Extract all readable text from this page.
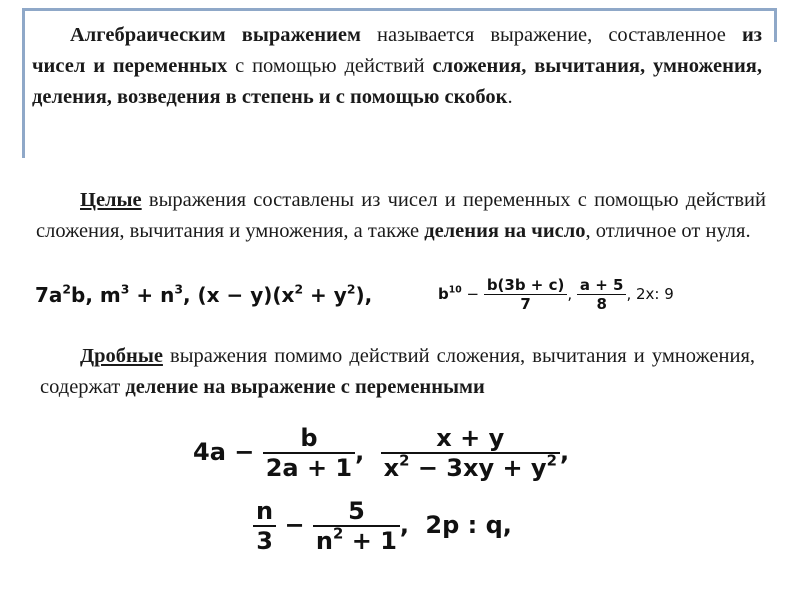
Алгебраическим выражением называется выражение, составленное из чисел и переменных с помощью действий сложения, вычитания, умножения, деления, возведения в степень и с помощью скобок.

Целые выражения составлены из чисел и переменных с помощью действий сложения, вычитания и умножения, а также деления на число, отличное от нуля.

$7a^2b$, $m^3 + n^3$, $(x - y)(x^2 + y^2)$,	$b^{10} - \frac{b(3b + c)}{7}$ , $\frac{a + 5}{8}$ , 2x: 9

Дробные выражения помимо действий сложения, вычитания и умножения, содержат деление на выражение с переменными

$4a - \frac{b}{2a + 1}$ , $\frac{x + y}{x^2 - 3xy + y^2}$ ,
$\frac{n}{3} - \frac{5}{n^2 + 1}$ , 2p : q,
